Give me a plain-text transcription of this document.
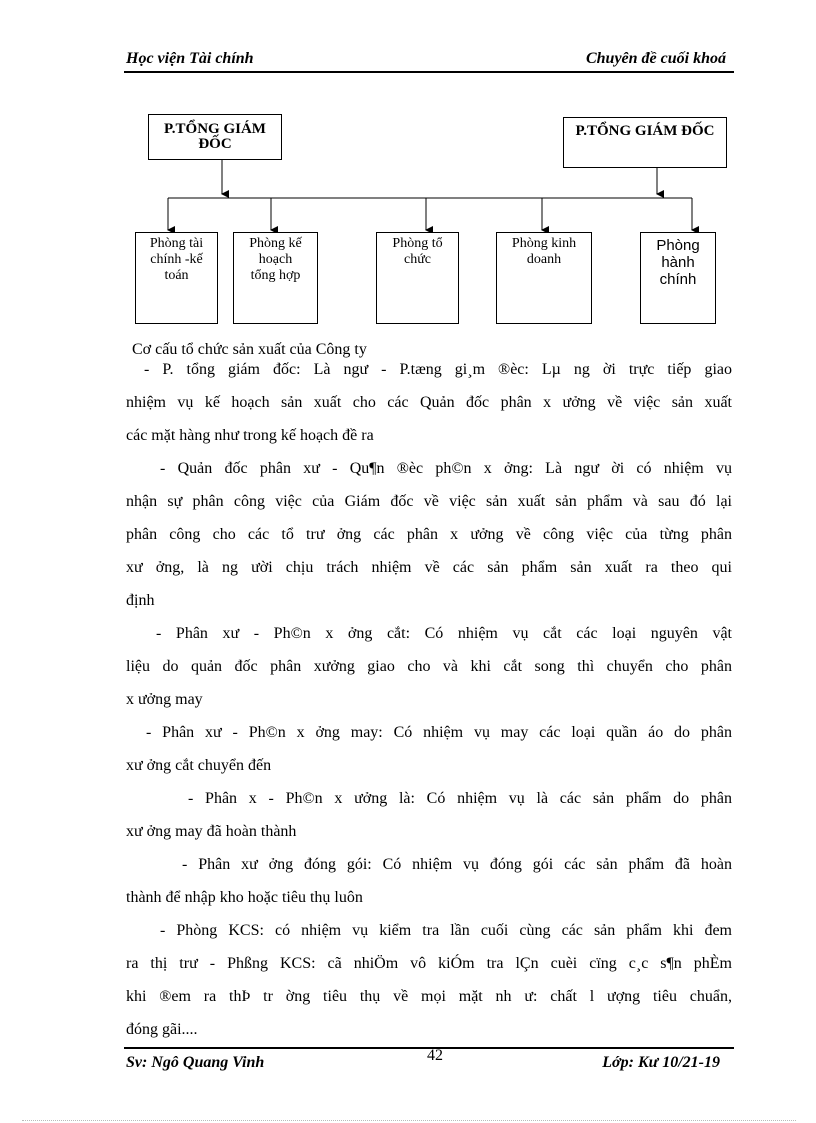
Học viện Tài chính	Chuyên đề cuối khoá
P.TỔNG GIÁM ĐỐC
P.TỔNG GIÁM ĐỐC
Phòng tài
chính -kế
toán
Phòng kế
hoạch
tổng hợp
Phòng tổ
chức
Phòng kinh
doanh
Phòng
hành
chính
Cơ cấu tổ chức sản xuất của Công ty
- P. tổng giám đốc: Là ngư - P.tæng gi¸m ®èc: Lµ ng ời trực tiếp giao
nhiệm vụ kế hoạch sản xuất cho các Quản đốc phân x ưởng về việc sản xuất
các mặt hàng như trong kế hoạch đề ra
- Quản đốc phân xư - Qu¶n ®èc ph©n x ởng: Là ngư ời có nhiệm vụ
nhận sự phân công việc của Giám đốc về việc sản xuất sản phẩm và sau đó lại
phân công cho các tổ trư ởng các phân x ưởng về công việc của từng phân
xư ởng, là ng ười chịu trách nhiệm về các sản phẩm sản xuất ra theo qui
định
- Phân xư - Ph©n x ởng cắt: Có nhiệm vụ cắt các loại nguyên vật
liệu do quản đốc phân xưởng giao cho và khi cắt song thì chuyển cho phân
x ưởng may
- Phân xư - Ph©n x ởng may: Có nhiệm vụ may các loại quần áo do phân
xư ởng cắt chuyển đến
- Phân x - Ph©n x ưởng là: Có nhiệm vụ là các sản phẩm do phân
xư ởng may đã hoàn thành
- Phân xư ởng đóng gói: Có nhiệm vụ đóng gói các sản phẩm đã hoàn
thành để nhập kho hoặc tiêu thụ luôn
- Phòng KCS: có nhiệm vụ kiểm tra lần cuối cùng các sản phẩm khi đem
ra thị trư - Phßng KCS: cã nhiÖm vô kiÓm tra lÇn cuèi cïng c¸c s¶n phÈm
khi ®em ra thÞ tr ờng tiêu thụ về mọi mặt nh ư: chất l ượng tiêu chuẩn,
đóng gãi....
42
Sv: Ngô Quang Vinh	Lớp: Kư 10/21-19
